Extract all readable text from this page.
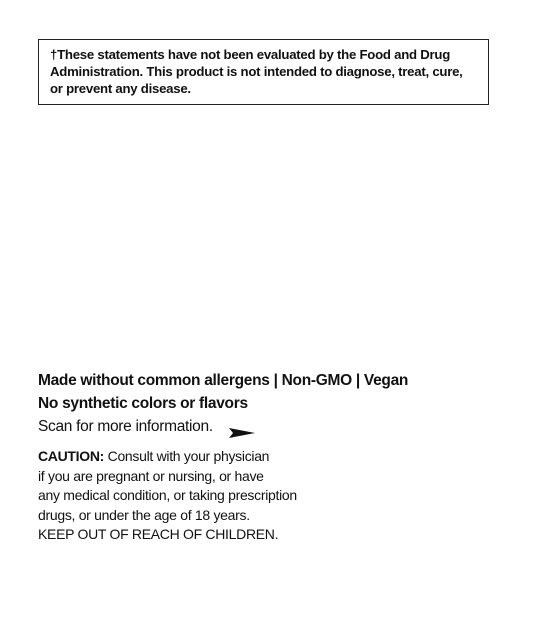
†These statements have not been evaluated by the Food and Drug Administration. This product is not intended to diagnose, treat, cure, or prevent any disease.

Made without common allergens | Non-GMO | Vegan
No synthetic colors or flavors
Scan for more information.
CAUTION: Consult with your physician
if you are pregnant or nursing, or have
any medical condition, or taking prescription
drugs, or under the age of 18 years.
KEEP OUT OF REACH OF CHILDREN.
